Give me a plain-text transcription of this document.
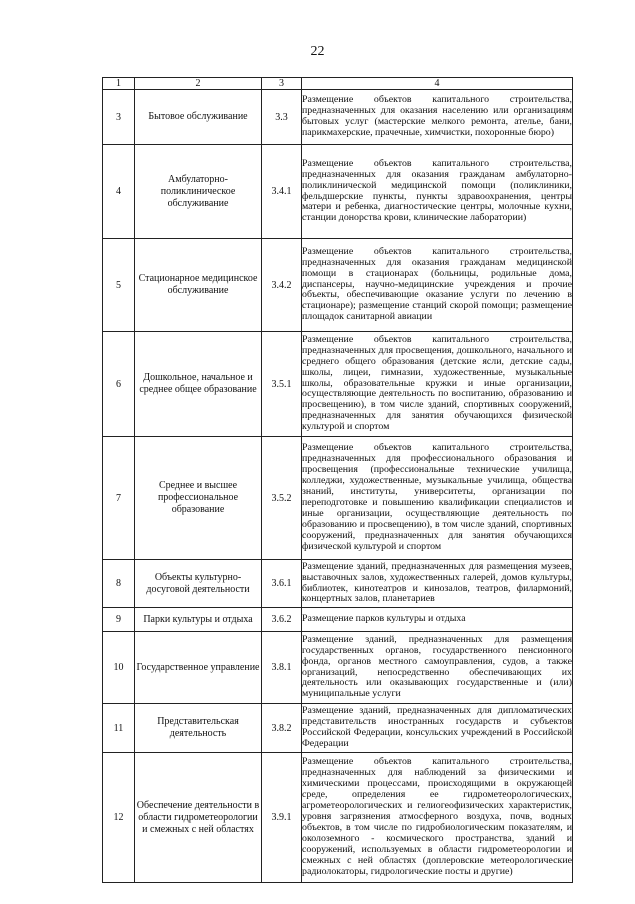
22
1	2	3	4
3	Бытовое обслуживание	3.3	Размещение объектов капитального строительства, предназначенных для оказания населению или организациям бытовых услуг (мастерские мелкого ремонта, ателье, бани, парикмахерские, прачечные, химчистки, похоронные бюро)
4	Амбулаторно-поликлиническое обслуживание	3.4.1	Размещение объектов капитального строительства, предназначенных для оказания гражданам амбулаторно-поликлинической медицинской помощи (поликлиники, фельдшерские пункты, пункты здравоохранения, центры матери и ребенка, диагностические центры, молочные кухни, станции донорства крови, клинические лаборатории)
5	Стационарное медицинское обслуживание	3.4.2	Размещение объектов капитального строительства, предназначенных для оказания гражданам медицинской помощи в стационарах (больницы, родильные дома, диспансеры, научно-медицинские учреждения и прочие объекты, обеспечивающие оказание услуги по лечению в стационаре); размещение станций скорой помощи; размещение площадок санитарной авиации
6	Дошкольное, начальное и среднее общее образование	3.5.1	Размещение объектов капитального строительства, предназначенных для просвещения, дошкольного, начального и среднего общего образования (детские ясли, детские сады, школы, лицеи, гимназии, художественные, музыкальные школы, образовательные кружки и иные организации, осуществляющие деятельность по воспитанию, образованию и просвещению), в том числе зданий, спортивных сооружений, предназначенных для занятия обучающихся физической культурой и спортом
7	Среднее и высшее профессиональное образование	3.5.2	Размещение объектов капитального строительства, предназначенных для профессионального образования и просвещения (профессиональные технические училища, колледжи, художественные, музыкальные училища, общества знаний, институты, университеты, организации по переподготовке и повышению квалификации специалистов и иные организации, осуществляющие деятельность по образованию и просвещению), в том числе зданий, спортивных сооружений, предназначенных для занятия обучающихся физической культурой и спортом
8	Объекты культурно-досуговой деятельности	3.6.1	Размещение зданий, предназначенных для размещения музеев, выставочных залов, художественных галерей, домов культуры, библиотек, кинотеатров и кинозалов, театров, филармоний, концертных залов, планетариев
9	Парки культуры и отдыха	3.6.2	Размещение парков культуры и отдыха
10	Государственное управление	3.8.1	Размещение зданий, предназначенных для размещения государственных органов, государственного пенсионного фонда, органов местного самоуправления, судов, а также организаций, непосредственно обеспечивающих их деятельность или оказывающих государственные и (или) муниципальные услуги
11	Представительская деятельность	3.8.2	Размещение зданий, предназначенных для дипломатических представительств иностранных государств и субъектов Российской Федерации, консульских учреждений в Российской Федерации
12	Обеспечение деятельности в области гидрометеорологии и смежных с ней областях	3.9.1	Размещение объектов капитального строительства, предназначенных для наблюдений за физическими и химическими процессами, происходящими в окружающей среде, определения ее гидрометеорологических, агрометеорологических и гелиогеофизических характеристик, уровня загрязнения атмосферного воздуха, почв, водных объектов, в том числе по гидробиологическим показателям, и околоземного - космического пространства, зданий и сооружений, используемых в области гидрометеорологии и смежных с ней областях (доплеровские метеорологические радиолокаторы, гидрологические посты и другие)
